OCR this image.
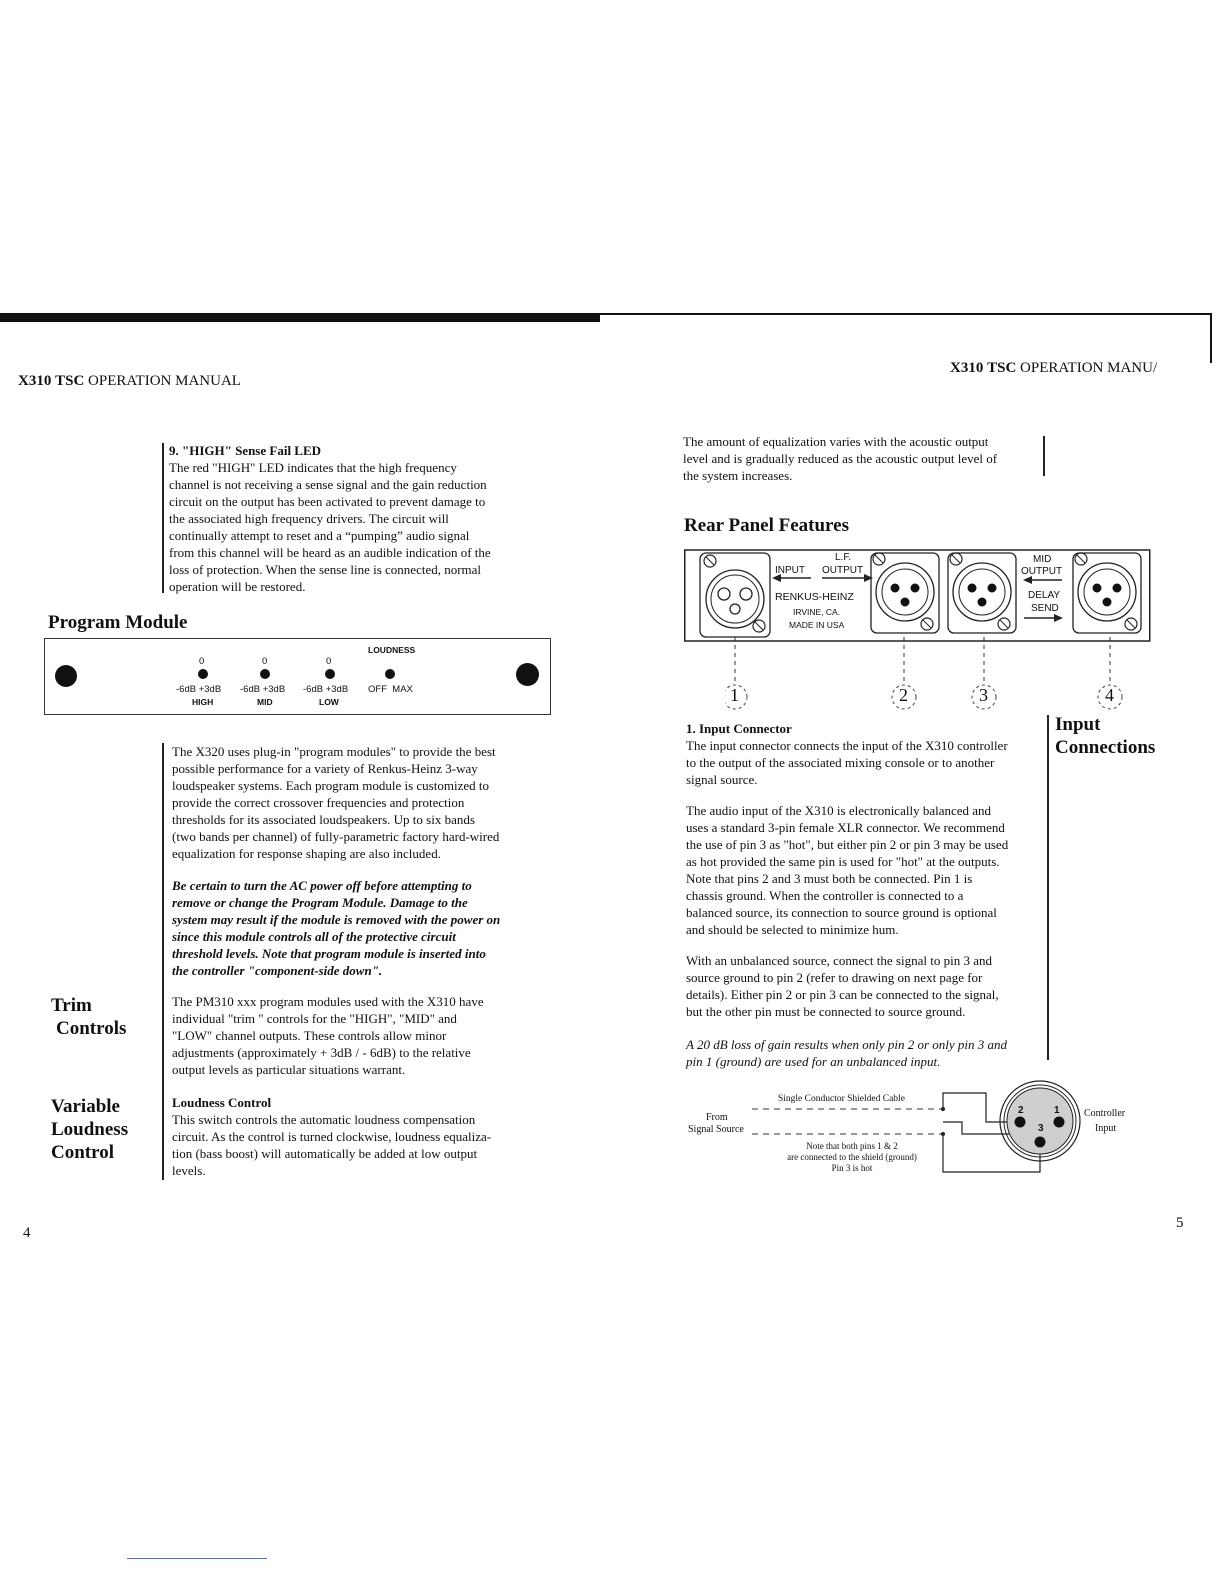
X310 TSC OPERATION MANUAL
9. "HIGH" Sense Fail LED
The red "HIGH" LED indicates that the high frequency
channel is not receiving a sense signal and the gain reduction
circuit on the output has been activated to prevent damage to
the associated high frequency drivers. The circuit will
continually attempt to reset and a “pumping” audio signal
from this channel will be heard as an audible indication of the
loss of protection. When the sense line is connected, normal
operation will be restored.
Program Module
LOUDNESS
0	0	0
-6dB +3dB -6dB +3dB -6dB +3dB OFF  MAX
HIGH	MID	LOW
The X320 uses plug-in "program modules" to provide the best
possible performance for a variety of Renkus-Heinz 3-way
loudspeaker systems. Each program module is customized to
provide the correct crossover frequencies and protection
thresholds for its associated loudspeakers. Up to six bands
(two bands per channel) of fully-parametric factory hard-wired
equalization for response shaping are also included.
Be certain to turn the AC power off before attempting to
remove or change the Program Module. Damage to the
system may result if the module is removed with the power on
since this module controls all of the protective circuit
threshold levels. Note that program module is inserted into
the controller "component-side down".
Trim
Controls
The PM310 xxx program modules used with the X310 have
individual "trim " controls for the "HIGH", "MID" and
"LOW" channel outputs. These controls allow minor
adjustments (approximately + 3dB / - 6dB) to the relative
output levels as particular situations warrant.
Variable
Loudness
Control
Loudness Control
This switch controls the automatic loudness compensation
circuit. As the control is turned clockwise, loudness equaliza-
tion (bass boost) will automatically be added at low output
levels.
4
X310 TSC OPERATION MANU/
The amount of equalization varies with the acoustic output
level and is gradually reduced as the acoustic output level of
the system increases.
Rear Panel Features
INPUT
L.F.
OUTPUT
RENKUS-HEINZ
IRVINE, CA.
MADE IN USA
MID
OUTPUT
DELAY
SEND
1	2	3	4
1. Input Connector
The input connector connects the input of the X310 controller
to the output of the associated mixing console or to another
signal source.
Input
Connections
The audio input of the X310 is electronically balanced and
uses a standard 3-pin female XLR connector. We recommend
the use of pin 3 as "hot", but either pin 2 or pin 3 may be used
as hot provided the same pin is used for "hot" at the outputs.
Note that pins 2 and 3 must both be connected. Pin 1 is
chassis ground. When the controller is connected to a
balanced source, its connection to source ground is optional
and should be selected to minimize hum.
With an unbalanced source, connect the signal to pin 3 and
source ground to pin 2 (refer to drawing on next page for
details). Either pin 2 or pin 3 can be connected to the signal,
but the other pin must be connected to source ground.
A 20 dB loss of gain results when only pin 2 or only pin 3 and
pin 1 (ground) are used for an unbalanced input.
Single Conductor Shielded Cable
From
Signal Source
Note that both pins 1 & 2
are connected to the shield (ground)
Pin 3 is hot
2	1
3
Controller
Input
5
